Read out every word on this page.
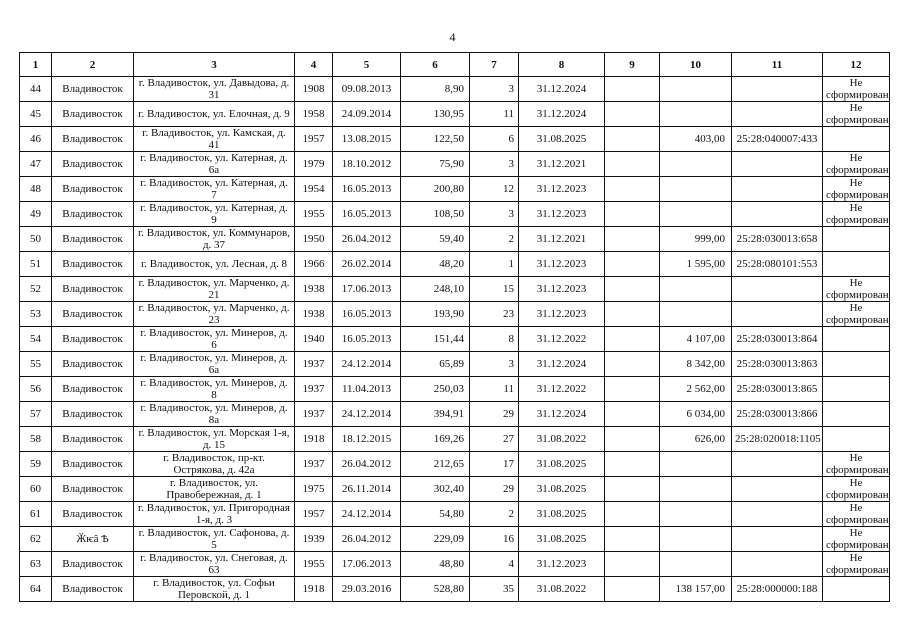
4
1	2	3	4	5	6	7	8	9	10	11	12
44	Владивосток	г. Владивосток, ул. Давыдова, д. 31	1908	09.08.2013	8,90	3	31.12.2024				Не сформирован
45	Владивосток	г. Владивосток, ул. Елочная, д. 9	1958	24.09.2014	130,95	11	31.12.2024				Не сформирован
46	Владивосток	г. Владивосток, ул. Камская, д. 41	1957	13.08.2015	122,50	6	31.08.2025		403,00	25:28:040007:433	
47	Владивосток	г. Владивосток, ул. Катерная, д. 6а	1979	18.10.2012	75,90	3	31.12.2021				Не сформирован
48	Владивосток	г. Владивосток, ул. Катерная, д. 7	1954	16.05.2013	200,80	12	31.12.2023				Не сформирован
49	Владивосток	г. Владивосток, ул. Катерная, д. 9	1955	16.05.2013	108,50	3	31.12.2023				Не сформирован
50	Владивосток	г. Владивосток, ул. Коммунаров, д. 37	1950	26.04.2012	59,40	2	31.12.2021		999,00	25:28:030013:658	
51	Владивосток	г. Владивосток, ул. Лесная, д. 8	1966	26.02.2014	48,20	1	31.12.2023		1 595,00	25:28:080101:553	
52	Владивосток	г. Владивосток, ул. Марченко, д. 21	1938	17.06.2013	248,10	15	31.12.2023				Не сформирован
53	Владивосток	г. Владивосток, ул. Марченко, д. 23	1938	16.05.2013	193,90	23	31.12.2023				Не сформирован
54	Владивосток	г. Владивосток, ул. Минеров, д. 6	1940	16.05.2013	151,44	8	31.12.2022		4 107,00	25:28:030013:864	
55	Владивосток	г. Владивосток, ул. Минеров, д. 6а	1937	24.12.2014	65,89	3	31.12.2024		8 342,00	25:28:030013:863	
56	Владивосток	г. Владивосток, ул. Минеров, д. 8	1937	11.04.2013	250,03	11	31.12.2022		2 562,00	25:28:030013:865	
57	Владивосток	г. Владивосток, ул. Минеров, д. 8а	1937	24.12.2014	394,91	29	31.12.2024		6 034,00	25:28:030013:866	
58	Владивосток	г. Владивосток, ул. Морская 1-я, д. 15	1918	18.12.2015	169,26	27	31.08.2022		626,00	25:28:020018:1105	
59	Владивосток	г. Владивосток, пр-кт. Острякова, д. 42а	1937	26.04.2012	212,65	17	31.08.2025				Не сформирован
60	Владивосток	г. Владивосток, ул. Правобережная, д. 1	1975	26.11.2014	302,40	29	31.08.2025				Не сформирован
61	Владивосток	г. Владивосток, ул. Пригородная 1-я, д. 3	1957	24.12.2014	54,80	2	31.08.2025				Не сформирован
62	Ӂѥâ Ѣ	г. Владивосток, ул. Сафонова, д. 5	1939	26.04.2012	229,09	16	31.08.2025				Не сформирован
63	Владивосток	г. Владивосток, ул. Снеговая, д. 63	1955	17.06.2013	48,80	4	31.12.2023				Не сформирован
64	Владивосток	г. Владивосток, ул. Софьи Перовской, д. 1	1918	29.03.2016	528,80	35	31.08.2022		138 157,00	25:28:000000:188	
